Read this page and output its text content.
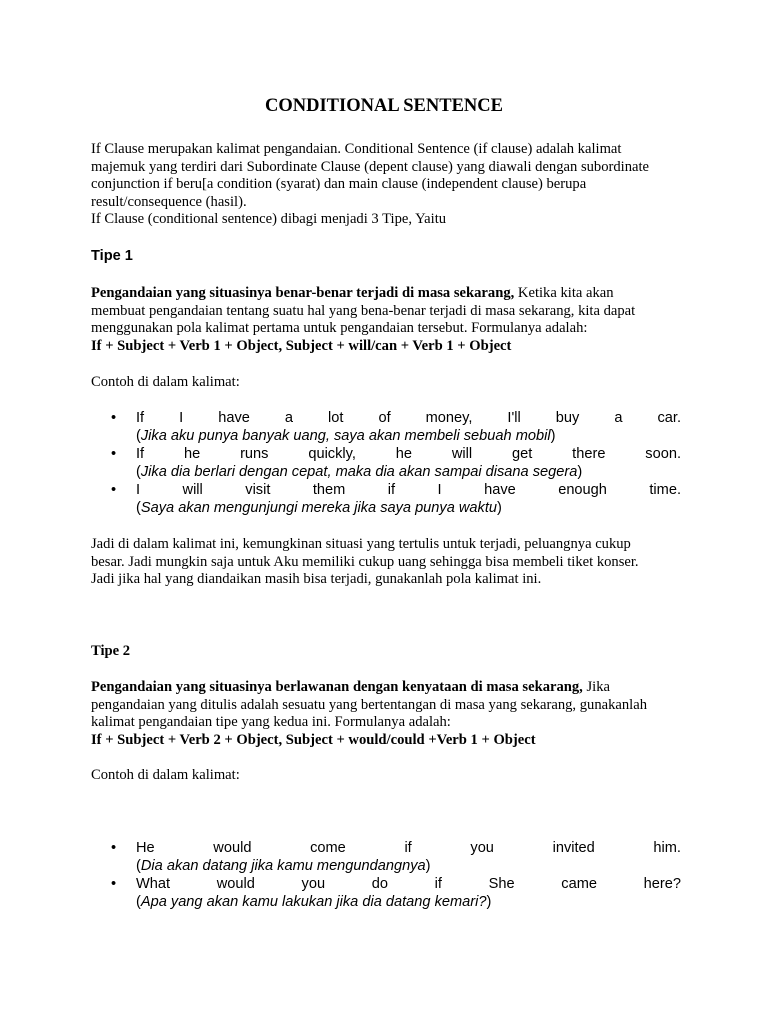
CONDITIONAL SENTENCE

If Clause merupakan kalimat pengandaian. Conditional Sentence (if clause) adalah kalimat

majemuk yang terdiri dari Subordinate Clause (depent clause) yang diawali dengan subordinate

conjunction if beru[a condition (syarat) dan main clause (independent clause) berupa

result/consequence (hasil).

If Clause (conditional sentence) dibagi menjadi 3 Tipe, Yaitu

Tipe 1

Pengandaian yang situasinya benar-benar terjadi di masa sekarang, Ketika kita akan

membuat pengandaian tentang suatu hal yang bena-benar terjadi di masa sekarang, kita dapat

menggunakan pola kalimat pertama untuk pengandaian tersebut. Formulanya adalah:

If + Subject + Verb 1 + Object, Subject + will/can + Verb 1 + Object

Contoh di dalam kalimat:
• If I have a lot of money, I'll buy a car.
(Jika aku punya banyak uang, saya akan membeli sebuah mobil)
• If he runs quickly, he will get there soon.
(Jika dia berlari dengan cepat, maka dia akan sampai disana segera)
• I will visit them if I have enough time.
(Saya akan mengunjungi mereka jika saya punya waktu)

Jadi di dalam kalimat ini, kemungkinan situasi yang tertulis untuk terjadi, peluangnya cukup

besar. Jadi mungkin saja untuk Aku memiliki cukup uang sehingga bisa membeli tiket konser.

Jadi jika hal yang diandaikan masih bisa terjadi, gunakanlah pola kalimat ini.

Tipe 2

Pengandaian yang situasinya berlawanan dengan kenyataan di masa sekarang, Jika

pengandaian yang ditulis adalah sesuatu yang bertentangan di masa yang sekarang, gunakanlah

kalimat pengandaian tipe yang kedua ini. Formulanya adalah:

If + Subject + Verb 2 + Object, Subject + would/could +Verb 1 + Object

Contoh di dalam kalimat:
• He would come if you invited him.
(Dia akan datang jika kamu mengundangnya)
• What would you do if She came here?
(Apa yang akan kamu lakukan jika dia datang kemari?)
